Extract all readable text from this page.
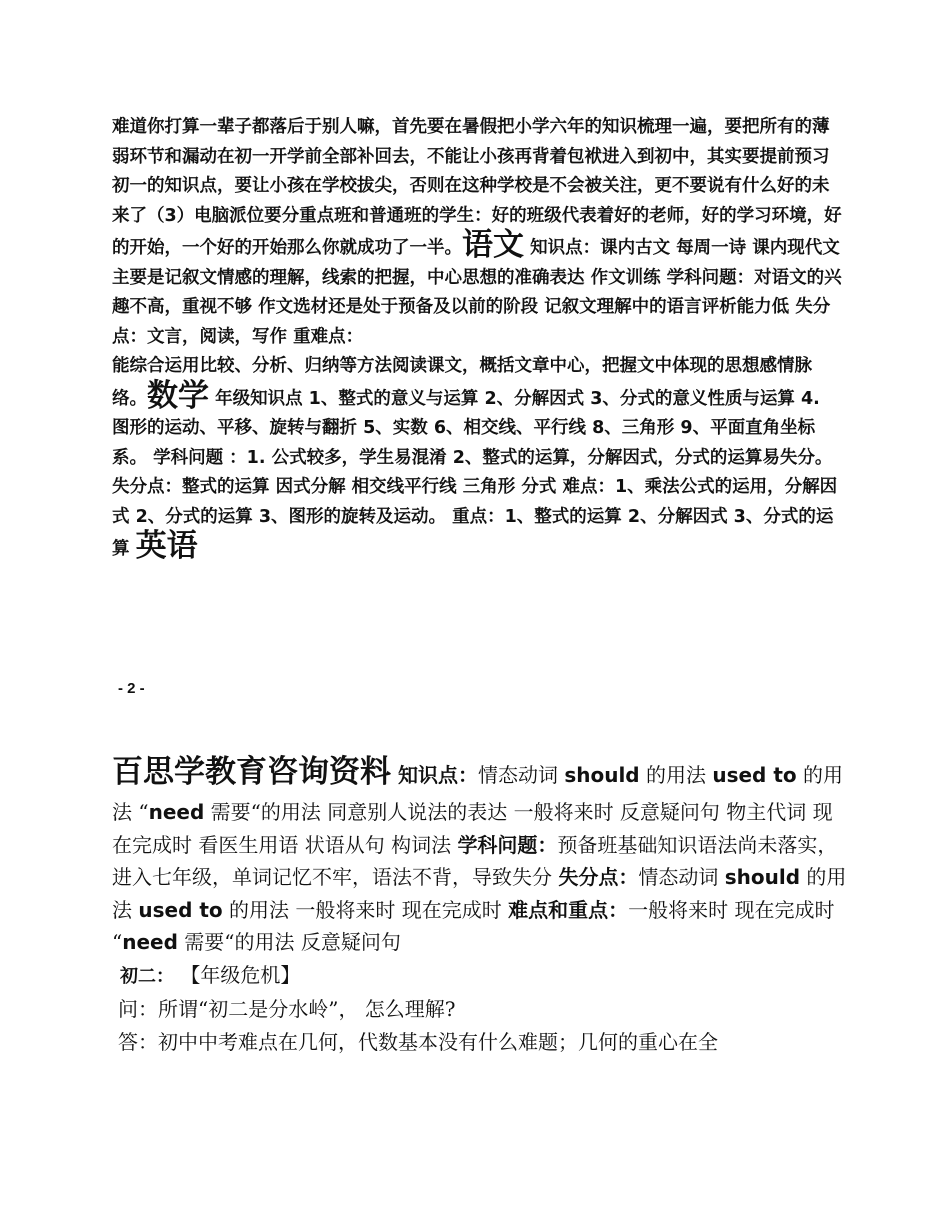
难道你打算一辈子都落后于别人嘛，首先要在暑假把小学六年的知识梳理一遍，要把所有的薄弱环节和漏动在初一开学前全部补回去，不能让小孩再背着包袱进入到初中，其实要提前预习初一的知识点，要让小孩在学校拔尖，否则在这种学校是不会被关注，更不要说有什么好的未来了（3）电脑派位要分重点班和普通班的学生：好的班级代表着好的老师，好的学习环境，好的开始，一个好的开始那么你就成功了一半。语文 知识点：课内古文 每周一诗 课内现代文 主要是记叙文情感的理解，线索的把握，中心思想的准确表达 作文训练 学科问题：对语文的兴趣不高，重视不够 作文选材还是处于预备及以前的阶段 记叙文理解中的语言评析能力低 失分点：文言，阅读，写作 重难点：
能综合运用比较、分析、归纳等方法阅读课文，概括文章中心，把握文中体现的思想感情脉络。数学 年级知识点 1、整式的意义与运算 2、分解因式 3、分式的意义性质与运算 4. 图形的运动、平移、旋转与翻折 5、实数 6、相交线、平行线 8、三角形 9、平面直角坐标系。 学科问题 ：1. 公式较多，学生易混淆 2、整式的运算，分解因式，分式的运算易失分。 失分点：整式的运算 因式分解 相交线平行线 三角形 分式 难点：1、乘法公式的运用，分解因式 2、分式的运算 3、图形的旋转及运动。 重点：1、整式的运算 2、分解因式 3、分式的运算 英语
- 2 -
百思学教育咨询资料 知识点：情态动词 should 的用法 used to 的用法 “need 需要“的用法 同意别人说法的表达 一般将来时 反意疑问句 物主代词 现在完成时 看医生用语 状语从句 构词法 学科问题：预备班基础知识语法尚未落实，进入七年级，单词记忆不牢，语法不背，导致失分 失分点：情态动词 should 的用法 used to 的用法 一般将来时 现在完成时 难点和重点：一般将来时 现在完成时 “need 需要“的用法 反意疑问句

初二： 【年级危机】

问：所谓“初二是分水岭”， 怎么理解?

答：初中中考难点在几何，代数基本没有什么难题；几何的重心在全
